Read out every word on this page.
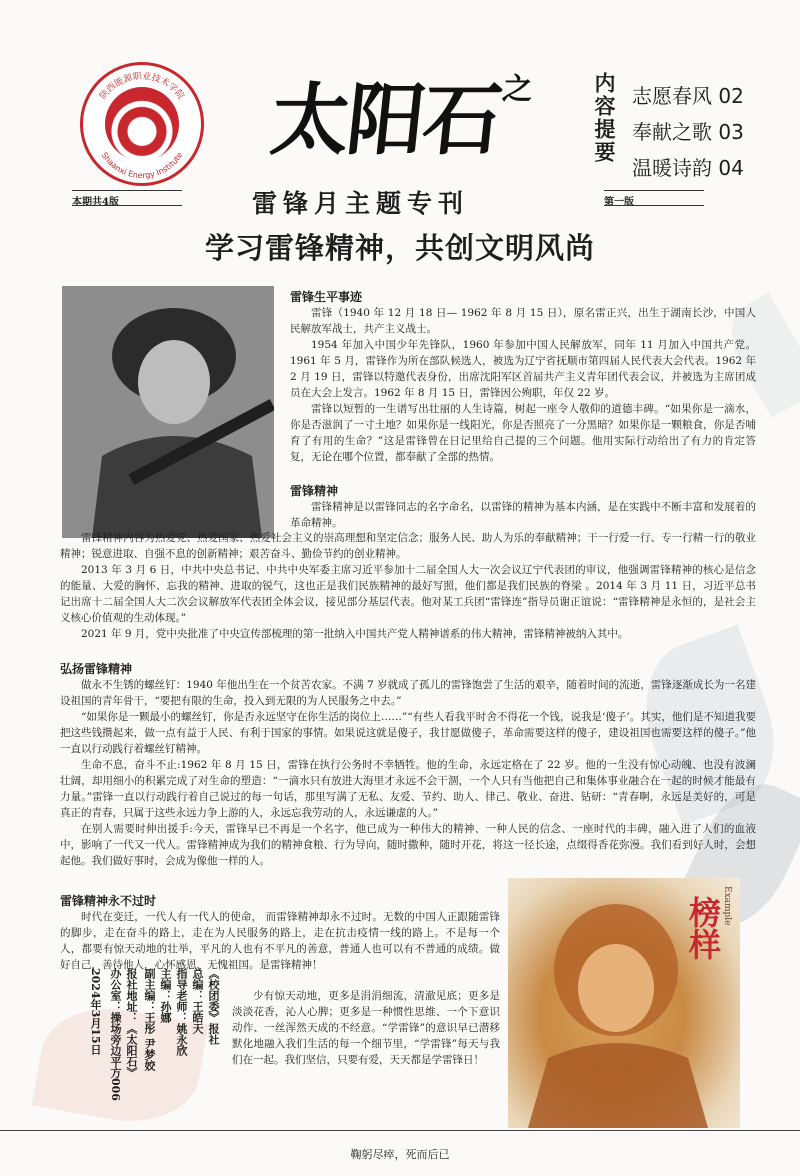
陕西能源职业技术学院
Shaanxi Energy Institute 太阳石$^之$	内容提要 志愿春风 02
奉献之歌 03
温暖诗韵 04
本期共4版	雷锋月主题专刊	第一版
学习雷锋精神，共创文明风尚
雷锋生平事迹

雷锋（1940 年 12 月 18 日— 1962 年 8 月 15 日），原名雷正兴，出生于湖南长沙，中国人民解放军战士，共产主义战士。

1954 年加入中国少年先锋队，1960 年参加中国人民解放军，同年 11 月加入中国共产党。1961 年 5 月，雷锋作为所在部队候选人，被选为辽宁省抚顺市第四届人民代表大会代表。1962 年 2 月 19 日，雷锋以特邀代表身份，出席沈阳军区首届共产主义青年团代表会议，并被选为主席团成员在大会上发言。1962 年 8 月 15 日，雷锋因公殉职，年仅 22 岁。

雷锋以短暂的一生谱写出壮丽的人生诗篇，树起一座令人敬仰的道德丰碑。“如果你是一滴水，你是否滋润了一寸土地？如果你是一线阳光，你是否照亮了一分黑暗？如果你是一颗粮食，你是否哺育了有用的生命？”这是雷锋曾在日记里给自己提的三个问题。他用实际行动给出了有力的肯定答复，无论在哪个位置，都奉献了全部的热情。

雷锋精神

雷锋精神是以雷锋同志的名字命名，以雷锋的精神为基本内涵，是在实践中不断丰富和发展着的革命精神。

雷锋精神内容为热爱党、热爱国家、热爱社会主义的崇高理想和坚定信念；服务人民、助人为乐的奉献精神；干一行爱一行、专一行精一行的敬业精神；锐意进取、自强不息的创新精神；艰苦奋斗、勤俭节约的创业精神。

2013 年 3 月 6 日，中共中央总书记、中共中央军委主席习近平参加十二届全国人大一次会议辽宁代表团的审议，他强调雷锋精神的核心是信念的能量、大爱的胸怀、忘我的精神、进取的锐气，这也正是我们民族精神的最好写照，他们都是我们民族的脊梁 。2014 年 3 月 11 日，习近平总书记出席十二届全国人大二次会议解放军代表团全体会议，接见部分基层代表。他对某工兵团“雷锋连”指导员谢正谊说：“雷锋精神是永恒的，是社会主义核心价值观的生动体现。”

2021 年 9 月，党中央批准了中央宣传部梳理的第一批纳入中国共产党人精神谱系的伟大精神，雷锋精神被纳入其中。

弘扬雷锋精神

做永不生锈的螺丝钉：1940 年他出生在一个贫苦农家。不满 7 岁就成了孤儿的雷锋饱尝了生活的艰辛，随着时间的流逝，雷锋逐渐成长为一名建设祖国的青年骨干，“要把有限的生命，投入到无限的为人民服务之中去。”

“如果你是一颗最小的螺丝钉，你是否永远坚守在你生活的岗位上……”“有些人看我平时舍不得花一个钱，说我是‘傻子’。其实，他们是不知道我要把这些钱攒起来，做一点有益于人民、有利于国家的事情。如果说这就是傻子，我甘愿做傻子，革命需要这样的傻子，建设祖国也需要这样的傻子。”他一直以行动践行着螺丝钉精神。

生命不息，奋斗不止:1962 年 8 月 15 日，雷锋在执行公务时不幸牺牲。他的生命，永远定格在了 22 岁。他的一生没有惊心动魄、也没有波澜壮阔，却用细小的积累完成了对生命的塑造：“一滴水只有放进大海里才永远不会干涸，一个人只有当他把自己和集体事业融合在一起的时候才能最有力量。”雷锋一直以行动践行着自己说过的每一句话，那里写满了无私、友爱、节约、助人、律己、敬业、奋进、钻研：“青春啊，永远是美好的，可是真正的青春，只属于这些永远力争上游的人，永远忘我劳动的人，永远谦虚的人。”

在别人需要时伸出援手:今天，雷锋早已不再是一个名字，他已成为一种伟大的精神、一种人民的信念、一座时代的丰碑，融入进了人们的血液中，影响了一代又一代人。雷锋精神成为我们的精神食粮、行为导向，随时撒种，随时开花，将这一径长途，点缀得香花弥漫。我们看到好人时，会想起他。我们做好事时，会成为像他一样的人。

雷锋精神永不过时

时代在变迁，一代人有一代人的使命， 而雷锋精神却永不过时。无数的中国人正跟随雷锋的脚步，走在奋斗的路上，走在为人民服务的路上，走在抗击疫情一线的路上。不是每一个人，都要有惊天动地的壮举，平凡的人也有不平凡的善意，普通人也可以有不普通的成绩。做好自己，善待他人，心怀感恩，无愧祖国。是雷锋精神！

少有惊天动地，更多是涓涓细流，清澈见底；更多是淡淡花香，沁人心脾；更多是一种惯性思维、一个下意识动作、一丝浑然天成的不经意。“学雷锋”的意识早已潜移默化地融入我们生活的每一个细节里，“学雷锋”每天与我们在一起。我们坚信，只要有爱，天天都是学雷锋日！

《校团委》报社
总编：王皓天
指导老师：姚永欣
主编：孙娜
副主编：王彤 尹梦姣
报社地址：《太阳石》
办公室：操场旁边平方006
2024年3月15日
榜样 Example
鞠躬尽瘁，死而后已
